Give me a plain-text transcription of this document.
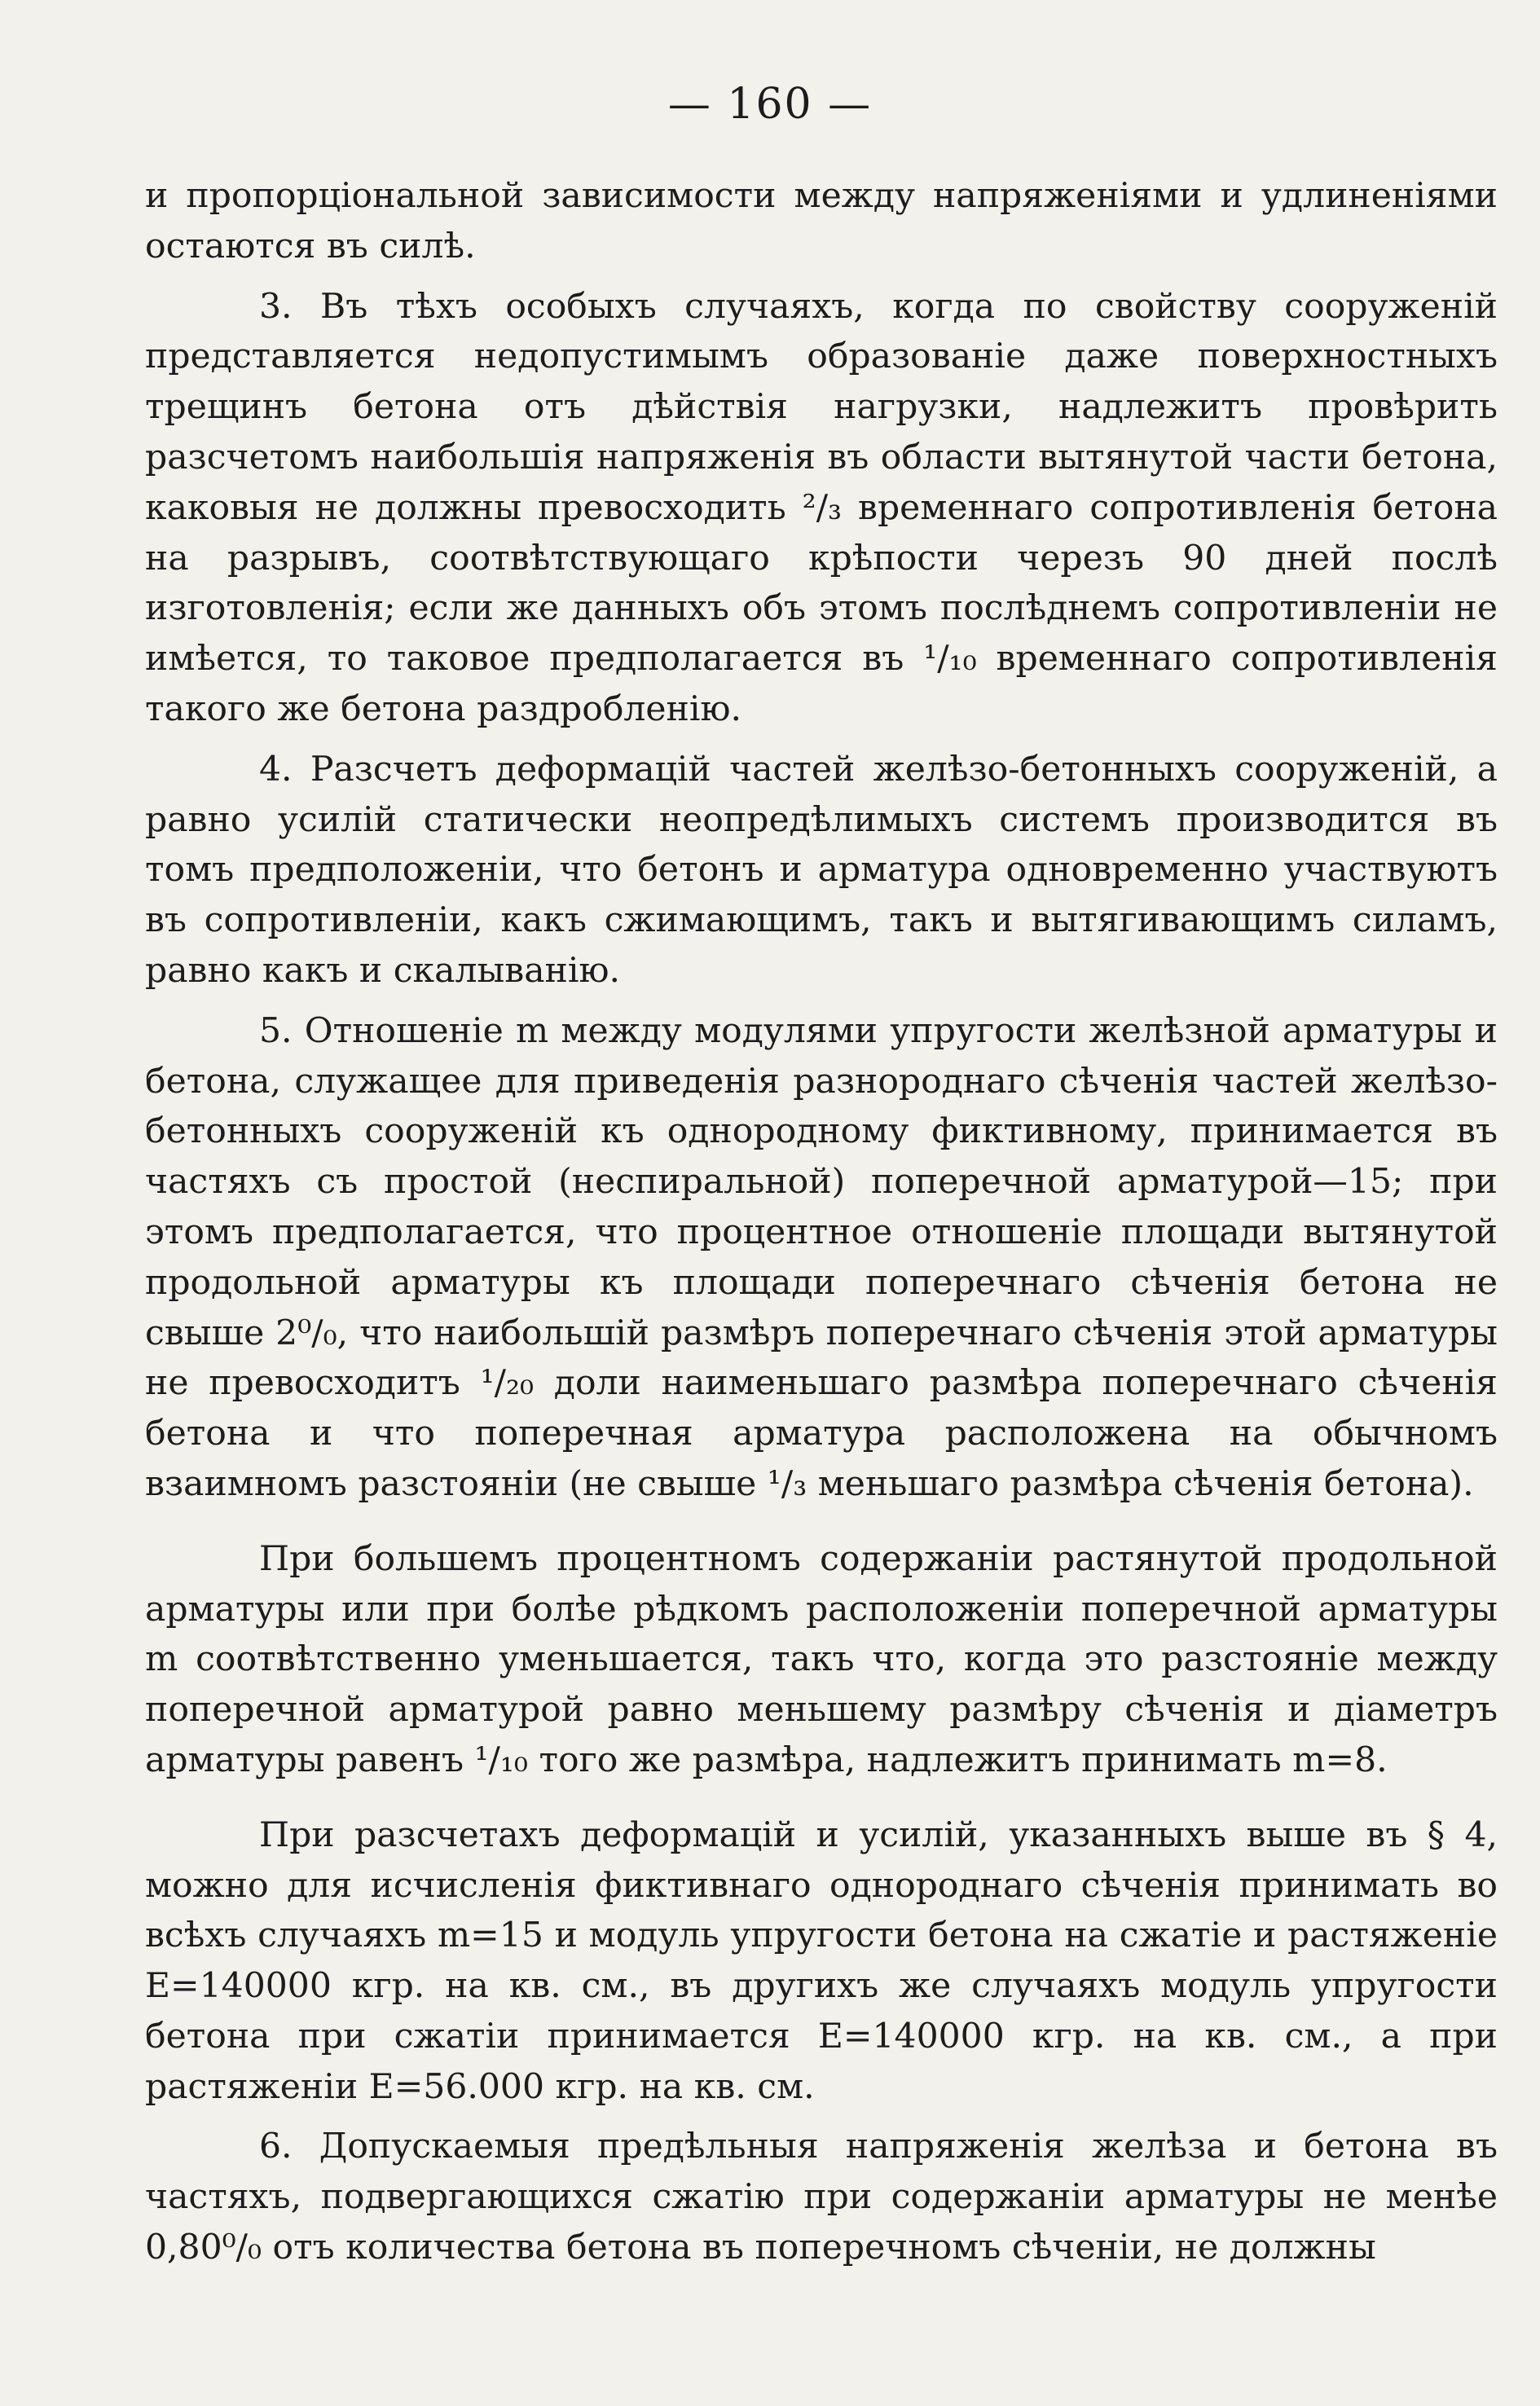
— 160 —

и пропорціональной зависимости между напряженіями и удлиненіями остаются въ силѣ.

3. Въ тѣхъ особыхъ случаяхъ, когда по свойству сооруженій представляется недопустимымъ образованіе даже поверхностныхъ трещинъ бетона отъ дѣйствія нагрузки, надлежитъ провѣрить разсчетомъ наибольшія напряженія въ области вытянутой части бетона, каковыя не должны превосходить ²/₃ временнаго сопротивленія бетона на разрывъ, соотвѣтствующаго крѣпости черезъ 90 дней послѣ изготовленія; если же данныхъ объ этомъ послѣднемъ сопротивленіи не имѣется, то таковое предполагается въ ¹/₁₀ временнаго сопротивленія такого же бетона раздробленію.

4. Разсчетъ деформацій частей желѣзо-бетонныхъ сооруженій, а равно усилій статически неопредѣлимыхъ системъ производится въ томъ предположеніи, что бетонъ и арматура одновременно участвуютъ въ сопротивленіи, какъ сжимающимъ, такъ и вытягивающимъ силамъ, равно какъ и скалыванію.

5. Отношеніе m между модулями упругости желѣзной арматуры и бетона, служащее для приведенія разнороднаго сѣченія частей желѣзо-бетонныхъ сооруженій къ однородному фиктивному, принимается въ частяхъ съ простой (неспиральной) поперечной арматурой—15; при этомъ предполагается, что процентное отношеніе площади вытянутой продольной арматуры къ площади поперечнаго сѣченія бетона не свыше 2⁰/₀, что наибольшій размѣръ поперечнаго сѣченія этой арматуры не превосходитъ ¹/₂₀ доли наименьшаго размѣра поперечнаго сѣченія бетона и что поперечная арматура расположена на обычномъ взаимномъ разстояніи (не свыше ¹/₃ меньшаго размѣра сѣченія бетона).

При большемъ процентномъ содержаніи растянутой продольной арматуры или при болѣе рѣдкомъ расположеніи поперечной арматуры m соотвѣтственно уменьшается, такъ что, когда это разстояніе между поперечной арматурой равно меньшему размѣру сѣченія и діаметръ арматуры равенъ ¹/₁₀ того же размѣра, надлежитъ принимать m=8.

При разсчетахъ деформацій и усилій, указанныхъ выше въ § 4, можно для исчисленія фиктивнаго однороднаго сѣченія принимать во всѣхъ случаяхъ m=15 и модуль упругости бетона на сжатіе и растяженіе E=140000 кгр. на кв. см., въ другихъ же случаяхъ модуль упругости бетона при сжатіи принимается E=140000 кгр. на кв. см., а при растяженіи E=56.000 кгр. на кв. см.

6. Допускаемыя предѣльныя напряженія желѣза и бетона въ частяхъ, подвергающихся сжатію при содержаніи арматуры не менѣе 0,80⁰/₀ отъ количества бетона въ поперечномъ сѣченіи, не должны
